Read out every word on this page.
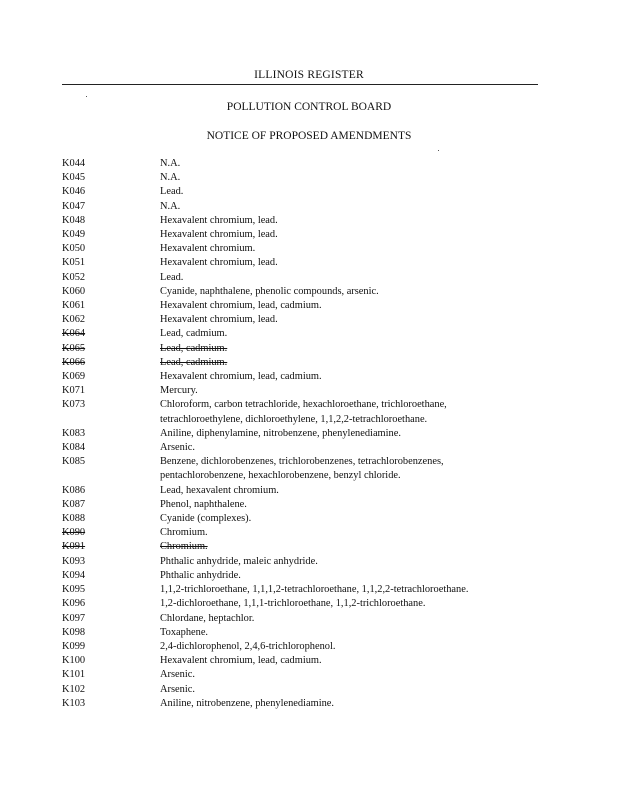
ILLINOIS REGISTER
POLLUTION CONTROL BOARD
NOTICE OF PROPOSED AMENDMENTS
K044	N.A.
K045	N.A.
K046	Lead.
K047	N.A.
K048	Hexavalent chromium, lead.
K049	Hexavalent chromium, lead.
K050	Hexavalent chromium.
K051	Hexavalent chromium, lead.
K052	Lead.
K060	Cyanide, naphthalene, phenolic compounds, arsenic.
K061	Hexavalent chromium, lead, cadmium.
K062	Hexavalent chromium, lead.
K064	Lead, cadmium.
K065	Lead, cadmium.
K066	Lead, cadmium.
K069	Hexavalent chromium, lead, cadmium.
K071	Mercury.
K073	Chloroform, carbon tetrachloride, hexachloroethane, trichloroethane,
tetrachloroethylene, dichloroethylene, 1,1,2,2-tetrachloroethane.
K083	Aniline, diphenylamine, nitrobenzene, phenylenediamine.
K084	Arsenic.
K085	Benzene, dichlorobenzenes, trichlorobenzenes, tetrachlorobenzenes,
pentachlorobenzene, hexachlorobenzene, benzyl chloride.
K086	Lead, hexavalent chromium.
K087	Phenol, naphthalene.
K088	Cyanide (complexes).
K090	Chromium.
K091	Chromium.
K093	Phthalic anhydride, maleic anhydride.
K094	Phthalic anhydride.
K095	1,1,2-trichloroethane, 1,1,1,2-tetrachloroethane, 1,1,2,2-tetrachloroethane.
K096	1,2-dichloroethane, 1,1,1-trichloroethane, 1,1,2-trichloroethane.
K097	Chlordane, heptachlor.
K098	Toxaphene.
K099	2,4-dichlorophenol, 2,4,6-trichlorophenol.
K100	Hexavalent chromium, lead, cadmium.
K101	Arsenic.
K102	Arsenic.
K103	Aniline, nitrobenzene, phenylenediamine.
